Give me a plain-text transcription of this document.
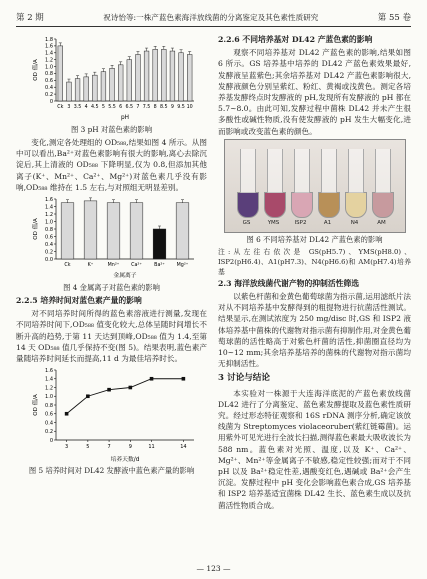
第 2 期	祝诗怡等:一株产蓝色素海洋放线菌的分离鉴定及其色素性质研究	第 55 卷
0
0.2
0.4
0.6
0.8
1.0
1.2
1.4
1.6
1.8
OD 值/A
Ck 3 3.5 4 4.5 5 5.5 6 6.5 7 7.5 8 8.5 9 9.5 10
pH
图 3 pH 对蓝色素的影响

变化,测定各处理组的 OD₅₈₈,结果如图 4 所示。从图中可以看出,Ba²⁺对蓝色素影响有很大的影响,离心去除沉淀后,其上清液的 OD₅₈₈ 下降明显,仅为 0.8,但添加其他离子(K⁺、Mn²⁺、Ca²⁺、Mg²⁺)对蓝色素几乎没有影响,OD₅₈₈ 维持在 1.5 左右,与对照组无明显差别。

0.0
0.2
0.4
0.6
0.8
1.0
1.2
1.4
1.6
OD 值/A
Ck	K⁺	Mn²⁺ Ca²⁺	Ba²⁺ Mg²⁺
金属离子
图 4 金属离子对蓝色素的影响
2.2.5 培养时间对蓝色素产量的影响

对不同培养时间所得的蓝色素溶液进行测量,发现在不同培养时间下,OD₅₈₈ 值变化较大,总体呈随时间增长不断升高的趋势,于第 11 天达到顶峰,OD₅₈₈ 值为 1.4,至第 14 天 OD₅₈₈ 值几乎保持不变(图 5)。结果表明,蓝色素产量随培养时间延长而提高,11 d 为最佳培养时长。

0
0.2
0.4
0.6
0.8
1.0
1.2
1.4
1.6
OD 值/A
3	5	7	9	11	14
培养天数/d
图 5 培养时间对 DL42 发酵液中蓝色素产量的影响
2.2.6 不同培养基对 DL42 产蓝色素的影响

观察不同培养基对 DL42 产蓝色素的影响,结果如图 6 所示。GS 培养基中培养的 DL42 产蓝色素效果最好,发酵液呈蓝紫色;其余培养基对 DL42 产蓝色素影响很大,发酵液颜色分别呈紫红、粉红、黄褐或浅黄色。测定各培养基发酵终点时发酵液的 pH,发现所有发酵液的 pH 都在 5.7~8.0。由此可知,发酵过程中菌株 DL42 并未产生很多酸性或碱性物质,没有使发酵液的 pH 发生大幅变化,进而影响或改变蓝色素的颜色。

GS	YMS	ISP2	A1	N4	AM
图 6 不同培养基对 DL42 产蓝色素的影响
注:从左往右依次是 GS(pH5.7)、YMS(pH8.0)、ISP2(pH6.4)、A1(pH7.3)、N4(pH6.6)和 AM(pH7.4)培养基
2.3 海洋放线菌代谢产物的抑制活性筛选

以紫色杆菌和金黄色葡萄球菌为指示菌,运用滤纸片法对从不同培养基中发酵得到的粗提物进行抗菌活性测试。结果显示,在测试浓度为 250 mg/disc 时,GS 和 ISP2 液体培养基中菌株的代谢物对指示菌有抑制作用,对金黄色葡萄球菌的活性略高于对紫色杆菌的活性,抑菌圈直径均为 10~12 mm;其余培养基培养的菌株的代谢物对指示菌均无抑制活性。

3 讨论与结论

本实验对一株源于大连海洋底泥的产蓝色素放线菌 DL42 进行了分离鉴定、蓝色素发酵提取及蓝色素性质研究。经过形态特征观察和 16S rDNA 测序分析,确定该放线菌为 Streptomyces violaceoruber(紫红链霉菌)。运用紫外可见光进行全波长扫描,测得蓝色素最大吸收波长为 588 nm。蓝色素对光照、温度,以及 K⁺、Ca²⁺、Mg²⁺、Mn²⁺等金属离子不敏感,稳定性较强;而对于不同 pH 以及 Ba²⁺稳定性差,遇酸变红色,遇碱或 Ba²⁺会产生沉淀。发酵过程中 pH 变化会影响蓝色素合成,GS 培养基和 ISP2 培养基适宜菌株 DL42 生长、蓝色素生成以及抗菌活性物质合成。

— 123 —
